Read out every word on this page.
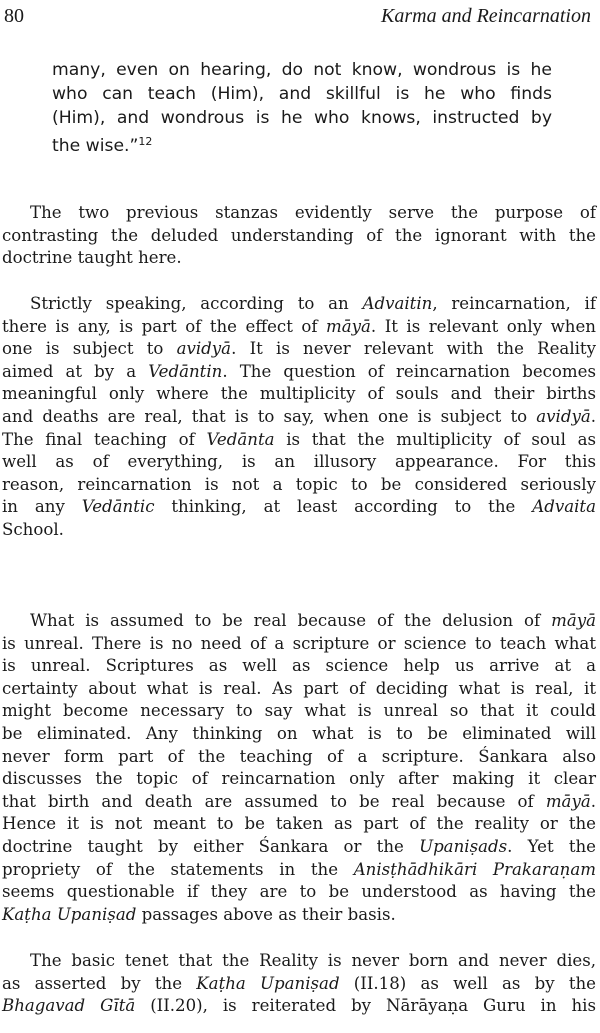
80	Karma and Reincarnation
many, even on hearing, do not know, wondrous is he
who can teach (Him), and skillful is he who finds
(Him), and wondrous is he who knows, instructed by
the wise.”$^{12}$
The two previous stanzas evidently serve the purpose of
contrasting the deluded understanding of the ignorant with the
doctrine taught here.
Strictly speaking, according to an Advaitin, reincarnation, if
there is any, is part of the effect of māyā. It is relevant only when
one is subject to avidyā. It is never relevant with the Reality
aimed at by a Vedāntin. The question of reincarnation becomes
meaningful only where the multiplicity of souls and their births
and deaths are real, that is to say, when one is subject to avidyā.
The final teaching of Vedānta is that the multiplicity of soul as
well as of everything, is an illusory appearance. For this
reason, reincarnation is not a topic to be considered seriously
in any Vedāntic thinking, at least according to the Advaita
School.
What is assumed to be real because of the delusion of māyā
is unreal. There is no need of a scripture or science to teach what
is unreal. Scriptures as well as science help us arrive at a
certainty about what is real. As part of deciding what is real, it
might become necessary to say what is unreal so that it could
be eliminated. Any thinking on what is to be eliminated will
never form part of the teaching of a scripture. Śankara also
discusses the topic of reincarnation only after making it clear
that birth and death are assumed to be real because of māyā.
Hence it is not meant to be taken as part of the reality or the
doctrine taught by either Śankara or the Upaniṣads. Yet the
propriety of the statements in the Anisṭhādhikāri Prakaraṇam
seems questionable if they are to be understood as having the
Kaṭha Upaniṣad passages above as their basis.
The basic tenet that the Reality is never born and never dies,
as asserted by the Kaṭha Upaniṣad (II.18) as well as by the
Bhagavad Gītā (II.20), is reiterated by Nārāyaṇa Guru in his
